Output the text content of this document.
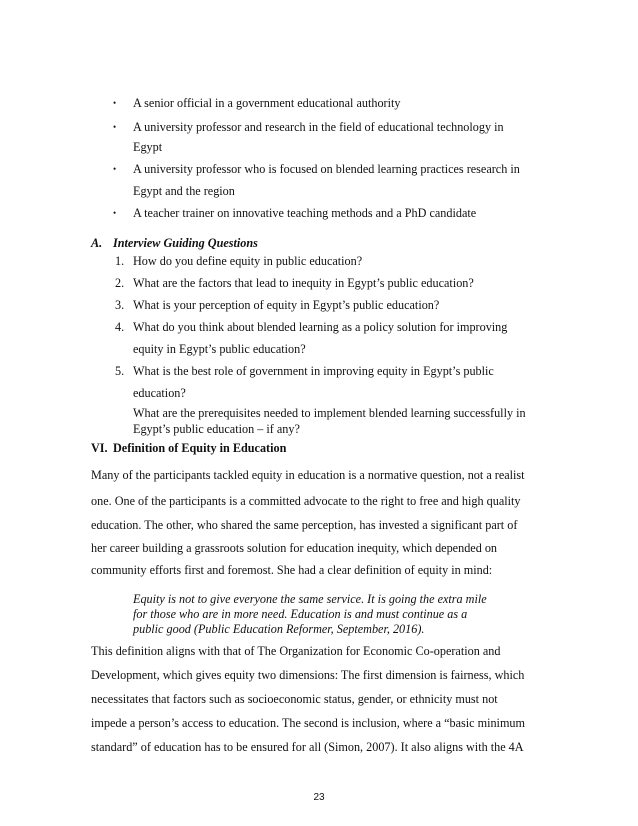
• A senior official in a government educational authority
• A university professor and research in the field of educational technology in
Egypt
• A university professor who is focused on blended learning practices research in
Egypt and the region
• A teacher trainer on innovative teaching methods and a PhD candidate
A. Interview Guiding Questions
1. How do you define equity in public education?
2. What are the factors that lead to inequity in Egypt’s public education?
3. What is your perception of equity in Egypt’s public education?
4. What do you think about blended learning as a policy solution for improving
equity in Egypt’s public education?
5. What is the best role of government in improving equity in Egypt’s public
education?
What are the prerequisites needed to implement blended learning successfully in
Egypt’s public education – if any?
VI. Definition of Equity in Education
Many of the participants tackled equity in education is a normative question, not a realist
one. One of the participants is a committed advocate to the right to free and high quality
education. The other, who shared the same perception, has invested a significant part of
her career building a grassroots solution for education inequity, which depended on
community efforts first and foremost. She had a clear definition of equity in mind:
Equity is not to give everyone the same service. It is going the extra mile
for those who are in more need. Education is and must continue as a
public good (Public Education Reformer, September, 2016).
This definition aligns with that of The Organization for Economic Co-operation and
Development, which gives equity two dimensions: The first dimension is fairness, which
necessitates that factors such as socioeconomic status, gender, or ethnicity must not
impede a person’s access to education. The second is inclusion, where a “basic minimum
standard” of education has to be ensured for all (Simon, 2007). It also aligns with the 4A
23
